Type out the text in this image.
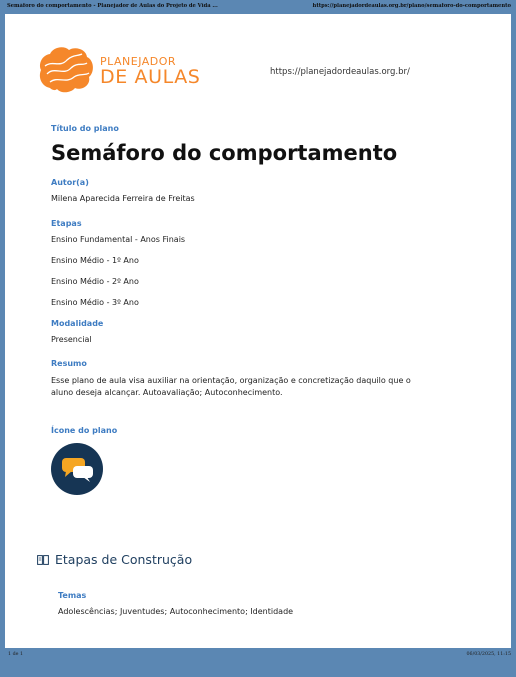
Semáforo do comportamento - Planejador de Aulas do Projeto de Vida ...	https://planejadordeaulas.org.br/plano/semaforo-do-comportamento
PLANEJADOR
DE AULAS	https://planejadordeaulas.org.br/

Título do plano

Semáforo do comportamento

Autor(a)

Milena Aparecida Ferreira de Freitas

Etapas

Ensino Fundamental - Anos Finais

Ensino Médio - 1º Ano

Ensino Médio - 2º Ano

Ensino Médio - 3º Ano

Modalidade

Presencial

Resumo

Esse plano de aula visa auxiliar na orientação, organização e concretização daquilo que o aluno deseja alcançar. Autoavaliação; Autoconhecimento.

Ícone do plano

Etapas de Construção

Temas

Adolescências; Juventudes; Autoconhecimento; Identidade

1 de 1	06/03/2025, 11:15
